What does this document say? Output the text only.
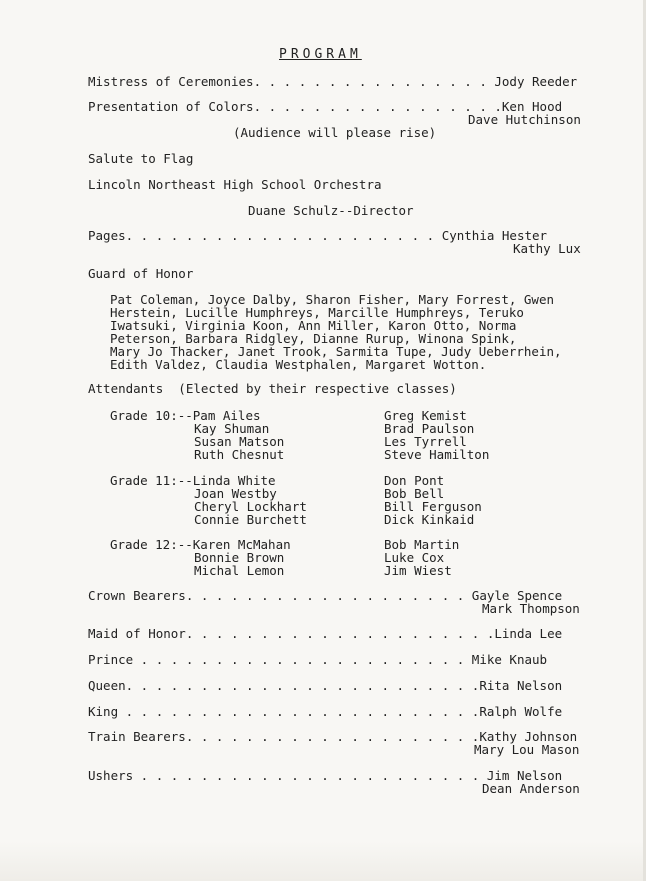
PROGRAM
Mistress of Ceremonies. . . . . . . . . . . . . . . . Jody Reeder
Presentation of Colors. . . . . . . . . . . . . . . . .Ken Hood
Dave Hutchinson
(Audience will please rise)
Salute to Flag
Lincoln Northeast High School Orchestra
Duane Schulz--Director
Pages. . . . . . . . . . . . . . . . . . . . . Cynthia Hester
Kathy Lux
Guard of Honor
Pat Coleman, Joyce Dalby, Sharon Fisher, Mary Forrest, Gwen
Herstein, Lucille Humphreys, Marcille Humphreys, Teruko
Iwatsuki, Virginia Koon, Ann Miller, Karon Otto, Norma
Peterson, Barbara Ridgley, Dianne Rurup, Winona Spink,
Mary Jo Thacker, Janet Trook, Sarmita Tupe, Judy Ueberrhein,
Edith Valdez, Claudia Westphalen, Margaret Wotton.
Attendants  (Elected by their respective classes)
Grade 10:--Pam Ailes
Kay Shuman
Susan Matson
Ruth Chesnut
Greg Kemist
Brad Paulson
Les Tyrrell
Steve Hamilton
Grade 11:--Linda White
Joan Westby
Cheryl Lockhart
Connie Burchett
Don Pont
Bob Bell
Bill Ferguson
Dick Kinkaid
Grade 12:--Karen McMahan
Bonnie Brown
Michal Lemon
Bob Martin
Luke Cox
Jim Wiest
Crown Bearers. . . . . . . . . . . . . . . . . . . Gayle Spence
Mark Thompson
Maid of Honor. . . . . . . . . . . . . . . . . . . . .Linda Lee
Prince . . . . . . . . . . . . . . . . . . . . . . Mike Knaub
Queen. . . . . . . . . . . . . . . . . . . . . . . .Rita Nelson
King . . . . . . . . . . . . . . . . . . . . . . . .Ralph Wolfe
Train Bearers. . . . . . . . . . . . . . . . . . . .Kathy Johnson
Mary Lou Mason
Ushers . . . . . . . . . . . . . . . . . . . . . . . Jim Nelson
Dean Anderson
